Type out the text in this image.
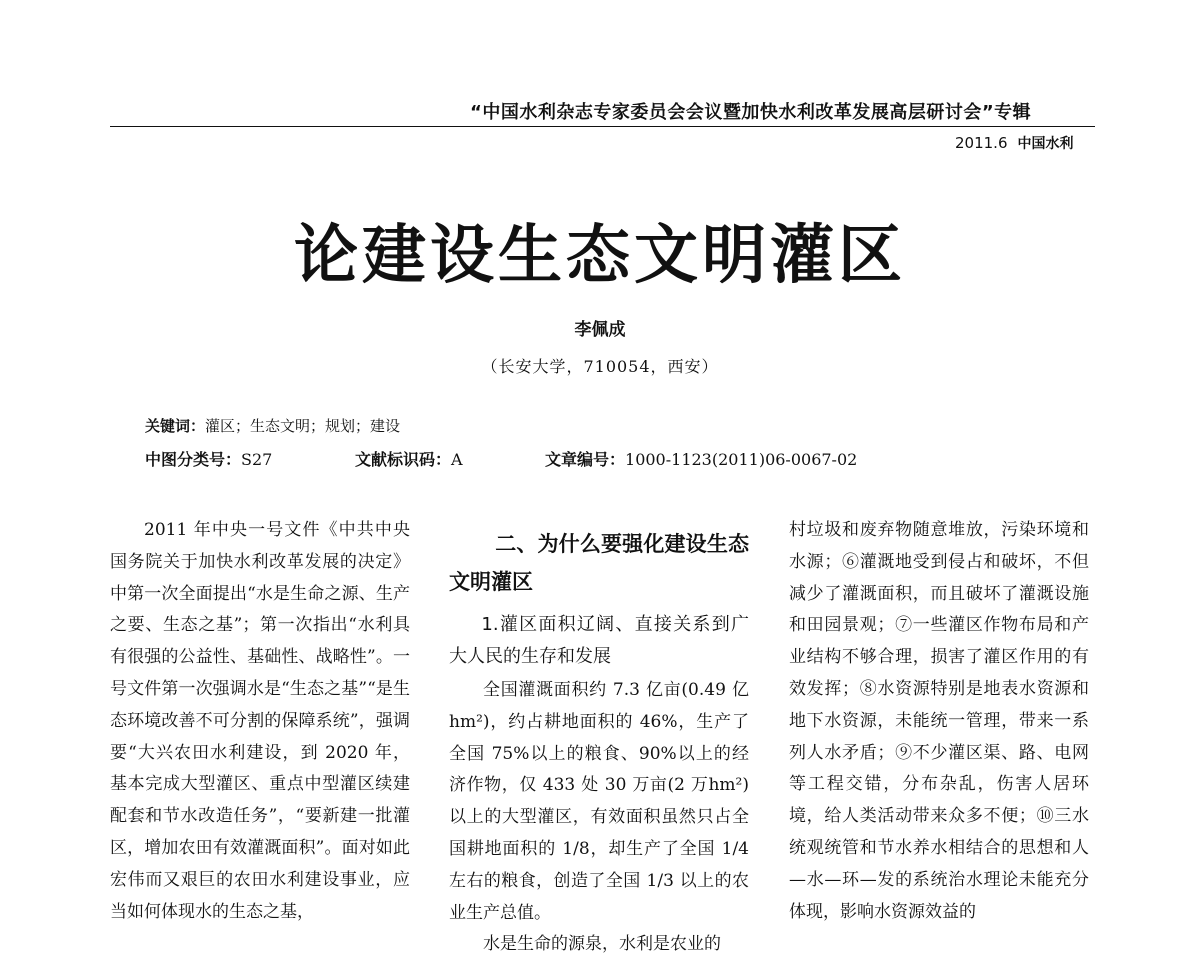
“中国水利杂志专家委员会会议暨加快水利改革发展高层研讨会”专辑
2011.6 中国水利
论建设生态文明灌区
李佩成
（长安大学，710054，西安）
关键词：灌区；生态文明；规划；建设
中图分类号：S27	文献标识码：A	文章编号：1000-1123(2011)06-0067-02

2011 年中央一号文件《中共中央国务院关于加快水利改革发展的决定》中第一次全面提出“水是生命之源、生产之要、生态之基”；第一次指出“水利具有很强的公益性、基础性、战略性”。一号文件第一次强调水是“生态之基”“是生态环境改善不可分割的保障系统”，强调要“大兴农田水利建设，到 2020 年，基本完成大型灌区、重点中型灌区续建配套和节水改造任务”，“要新建一批灌区，增加农田有效灌溉面积”。面对如此宏伟而又艰巨的农田水利建设事业，应当如何体现水的生态之基，

二、为什么要强化建设生态文明灌区

1.灌区面积辽阔、直接关系到广大人民的生存和发展

全国灌溉面积约 7.3 亿亩(0.49 亿 hm²)，约占耕地面积的 46%，生产了全国 75%以上的粮食、90%以上的经济作物，仅 433 处 30 万亩(2 万hm²)以上的大型灌区，有效面积虽然只占全国耕地面积的 1/8，却生产了全国 1/4 左右的粮食，创造了全国 1/3 以上的农业生产总值。

水是生命的源泉，水利是农业的

村垃圾和废弃物随意堆放，污染环境和水源；⑥灌溉地受到侵占和破坏，不但减少了灌溉面积，而且破坏了灌溉设施和田园景观；⑦一些灌区作物布局和产业结构不够合理，损害了灌区作用的有效发挥；⑧水资源特别是地表水资源和地下水资源，未能统一管理，带来一系列人水矛盾；⑨不少灌区渠、路、电网等工程交错，分布杂乱，伤害人居环境，给人类活动带来众多不便；⑩三水统观统管和节水养水相结合的思想和人—水—环—发的系统治水理论未能充分体现，影响水资源效益的
